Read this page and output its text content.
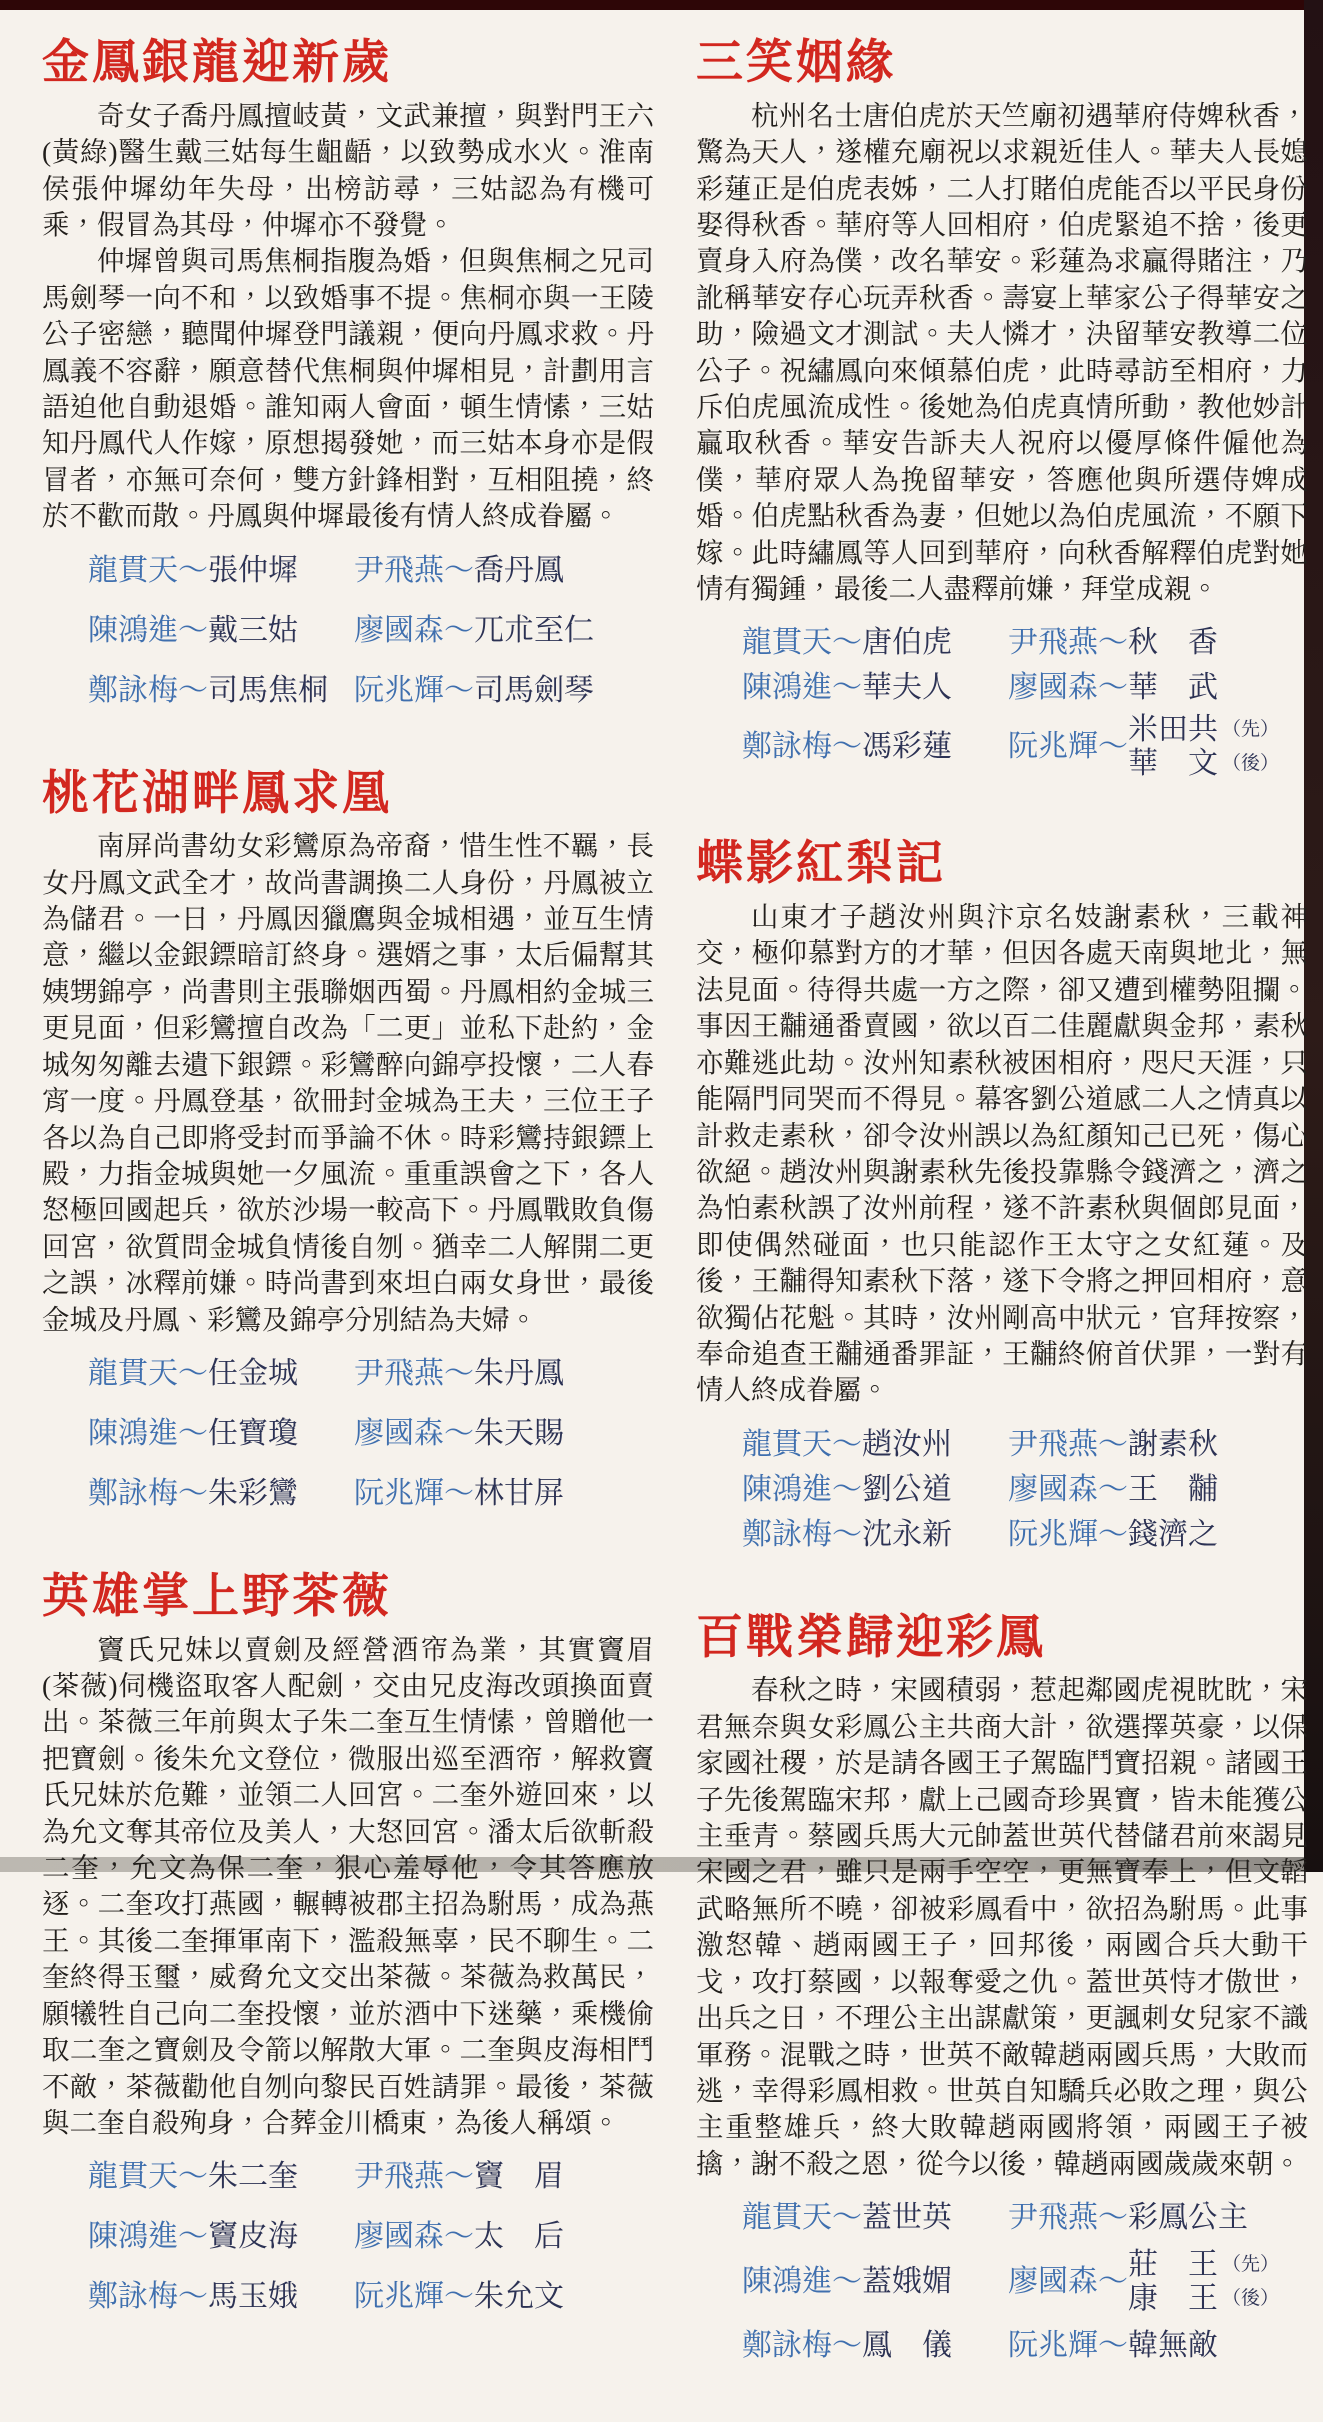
金鳳銀龍迎新歲

奇女子喬丹鳳擅岐黃，文武兼擅，與對門王六(黃綠)醫生戴三姑每生齟齬，以致勢成水火。淮南侯張仲墀幼年失母，出榜訪尋，三姑認為有機可乘，假冒為其母，仲墀亦不發覺。

仲墀曾與司馬焦桐指腹為婚，但與焦桐之兄司馬劍琴一向不和，以致婚事不提。焦桐亦與一王陵公子密戀，聽聞仲墀登門議親，便向丹鳳求救。丹鳳義不容辭，願意替代焦桐與仲墀相見，計劃用言語迫他自動退婚。誰知兩人會面，頓生情愫，三姑知丹鳳代人作嫁，原想揭發她，而三姑本身亦是假冒者，亦無可奈何，雙方針鋒相對，互相阻撓，終於不歡而散。丹鳳與仲墀最後有情人終成眷屬。

龍貫天 ～ 張仲墀 尹飛燕 ～ 喬丹鳳
陳鴻進 ～ 戴三姑 廖國森 ～ 兀朮至仁
鄭詠梅 ～ 司馬焦桐 阮兆輝 ～ 司馬劍琴
桃花湖畔鳳求凰

南屏尚書幼女彩鸞原為帝裔，惜生性不羈，長女丹鳳文武全才，故尚書調換二人身份，丹鳳被立為儲君。一日，丹鳳因獵鷹與金城相遇，並互生情意，繼以金銀鏢暗訂終身。選婿之事，太后偏幫其姨甥錦亭，尚書則主張聯姻西蜀。丹鳳相約金城三更見面，但彩鸞擅自改為「二更」並私下赴約，金城匆匆離去遺下銀鏢。彩鸞醉向錦亭投懷，二人春宵一度。丹鳳登基，欲冊封金城為王夫，三位王子各以為自己即將受封而爭論不休。時彩鸞持銀鏢上殿，力指金城與她一夕風流。重重誤會之下，各人怒極回國起兵，欲於沙場一較高下。丹鳳戰敗負傷回宮，欲質問金城負情後自刎。猶幸二人解開二更之誤，冰釋前嫌。時尚書到來坦白兩女身世，最後金城及丹鳳、彩鸞及錦亭分別結為夫婦。

龍貫天 ～ 任金城 尹飛燕 ～ 朱丹鳳
陳鴻進 ～ 任寶瓊 廖國森 ～ 朱天賜
鄭詠梅 ～ 朱彩鸞 阮兆輝 ～ 林甘屏
英雄掌上野茶薇

竇氏兄妹以賣劍及經營酒帘為業，其實竇眉(茶薇)伺機盜取客人配劍，交由兄皮海改頭換面賣出。茶薇三年前與太子朱二奎互生情愫，曾贈他一把寶劍。後朱允文登位，微服出巡至酒帘，解救竇氏兄妹於危難，並領二人回宮。二奎外遊回來，以為允文奪其帝位及美人，大怒回宮。潘太后欲斬殺二奎，允文為保二奎，狠心羞辱他，令其答應放逐。二奎攻打燕國，輾轉被郡主招為駙馬，成為燕王。其後二奎揮軍南下，濫殺無辜，民不聊生。二奎終得玉璽，威脅允文交出茶薇。茶薇為救萬民，願犧牲自己向二奎投懷，並於酒中下迷藥，乘機偷取二奎之寶劍及令箭以解散大軍。二奎與皮海相鬥不敵，茶薇勸他自刎向黎民百姓請罪。最後，茶薇與二奎自殺殉身，合葬金川橋東，為後人稱頌。

龍貫天 ～ 朱二奎 尹飛燕 ～ 竇　眉
陳鴻進 ～ 竇皮海 廖國森 ～ 太　后
鄭詠梅 ～ 馬玉娥 阮兆輝 ～ 朱允文
三笑姻緣

杭州名士唐伯虎於天竺廟初遇華府侍婢秋香，驚為天人，遂權充廟祝以求親近佳人。華夫人長媳彩蓮正是伯虎表姊，二人打賭伯虎能否以平民身份娶得秋香。華府等人回相府，伯虎緊追不捨，後更賣身入府為僕，改名華安。彩蓮為求贏得賭注，乃訛稱華安存心玩弄秋香。壽宴上華家公子得華安之助，險過文才測試。夫人憐才，決留華安教導二位公子。祝繡鳳向來傾慕伯虎，此時尋訪至相府，力斥伯虎風流成性。後她為伯虎真情所動，教他妙計贏取秋香。華安告訴夫人祝府以優厚條件僱他為僕，華府眾人為挽留華安，答應他與所選侍婢成婚。伯虎點秋香為妻，但她以為伯虎風流，不願下嫁。此時繡鳳等人回到華府，向秋香解釋伯虎對她情有獨鍾，最後二人盡釋前嫌，拜堂成親。

龍貫天 ～ 唐伯虎 尹飛燕 ～ 秋　香
陳鴻進 ～ 華夫人 廖國森 ～ 華　武
鄭詠梅 ～ 馮彩蓮 阮兆輝 ～
米田共 （先）
華　文 （後）
蝶影紅梨記

山東才子趙汝州與汴京名妓謝素秋，三載神交，極仰慕對方的才華，但因各處天南與地北，無法見面。待得共處一方之際，卻又遭到權勢阻攔。事因王黼通番賣國，欲以百二佳麗獻與金邦，素秋亦難逃此劫。汝州知素秋被困相府，咫尺天涯，只能隔門同哭而不得見。幕客劉公道感二人之情真以計救走素秋，卻令汝州誤以為紅顏知己已死，傷心欲絕。趙汝州與謝素秋先後投靠縣令錢濟之，濟之為怕素秋誤了汝州前程，遂不許素秋與個郎見面，即使偶然碰面，也只能認作王太守之女紅蓮。及後，王黼得知素秋下落，遂下令將之押回相府，意欲獨佔花魁。其時，汝州剛高中狀元，官拜按察，奉命追查王黼通番罪証，王黼終俯首伏罪，一對有情人終成眷屬。

龍貫天 ～ 趙汝州 尹飛燕 ～ 謝素秋
陳鴻進 ～ 劉公道 廖國森 ～ 王　黼
鄭詠梅 ～ 沈永新 阮兆輝 ～ 錢濟之
百戰榮歸迎彩鳳

春秋之時，宋國積弱，惹起鄰國虎視眈眈，宋君無奈與女彩鳳公主共商大計，欲選擇英豪，以保家國社稷，於是請各國王子駕臨鬥寶招親。諸國王子先後駕臨宋邦，獻上己國奇珍異寶，皆未能獲公主垂青。蔡國兵馬大元帥蓋世英代替儲君前來謁見宋國之君，雖只是兩手空空，更無寶奉上，但文韜武略無所不曉，卻被彩鳳看中，欲招為駙馬。此事激怒韓、趙兩國王子，回邦後，兩國合兵大動干戈，攻打蔡國，以報奪愛之仇。蓋世英恃才傲世，出兵之日，不理公主出謀獻策，更諷刺女兒家不識軍務。混戰之時，世英不敵韓趙兩國兵馬，大敗而逃，幸得彩鳳相救。世英自知驕兵必敗之理，與公主重整雄兵，終大敗韓趙兩國將領，兩國王子被擒，謝不殺之恩，從今以後，韓趙兩國歲歲來朝。

龍貫天 ～ 蓋世英 尹飛燕 ～ 彩鳳公主
陳鴻進 ～ 蓋娥媚 廖國森 ～
莊　王 （先）
康　王 （後）
鄭詠梅 ～ 鳳　儀 阮兆輝 ～ 韓無敵
